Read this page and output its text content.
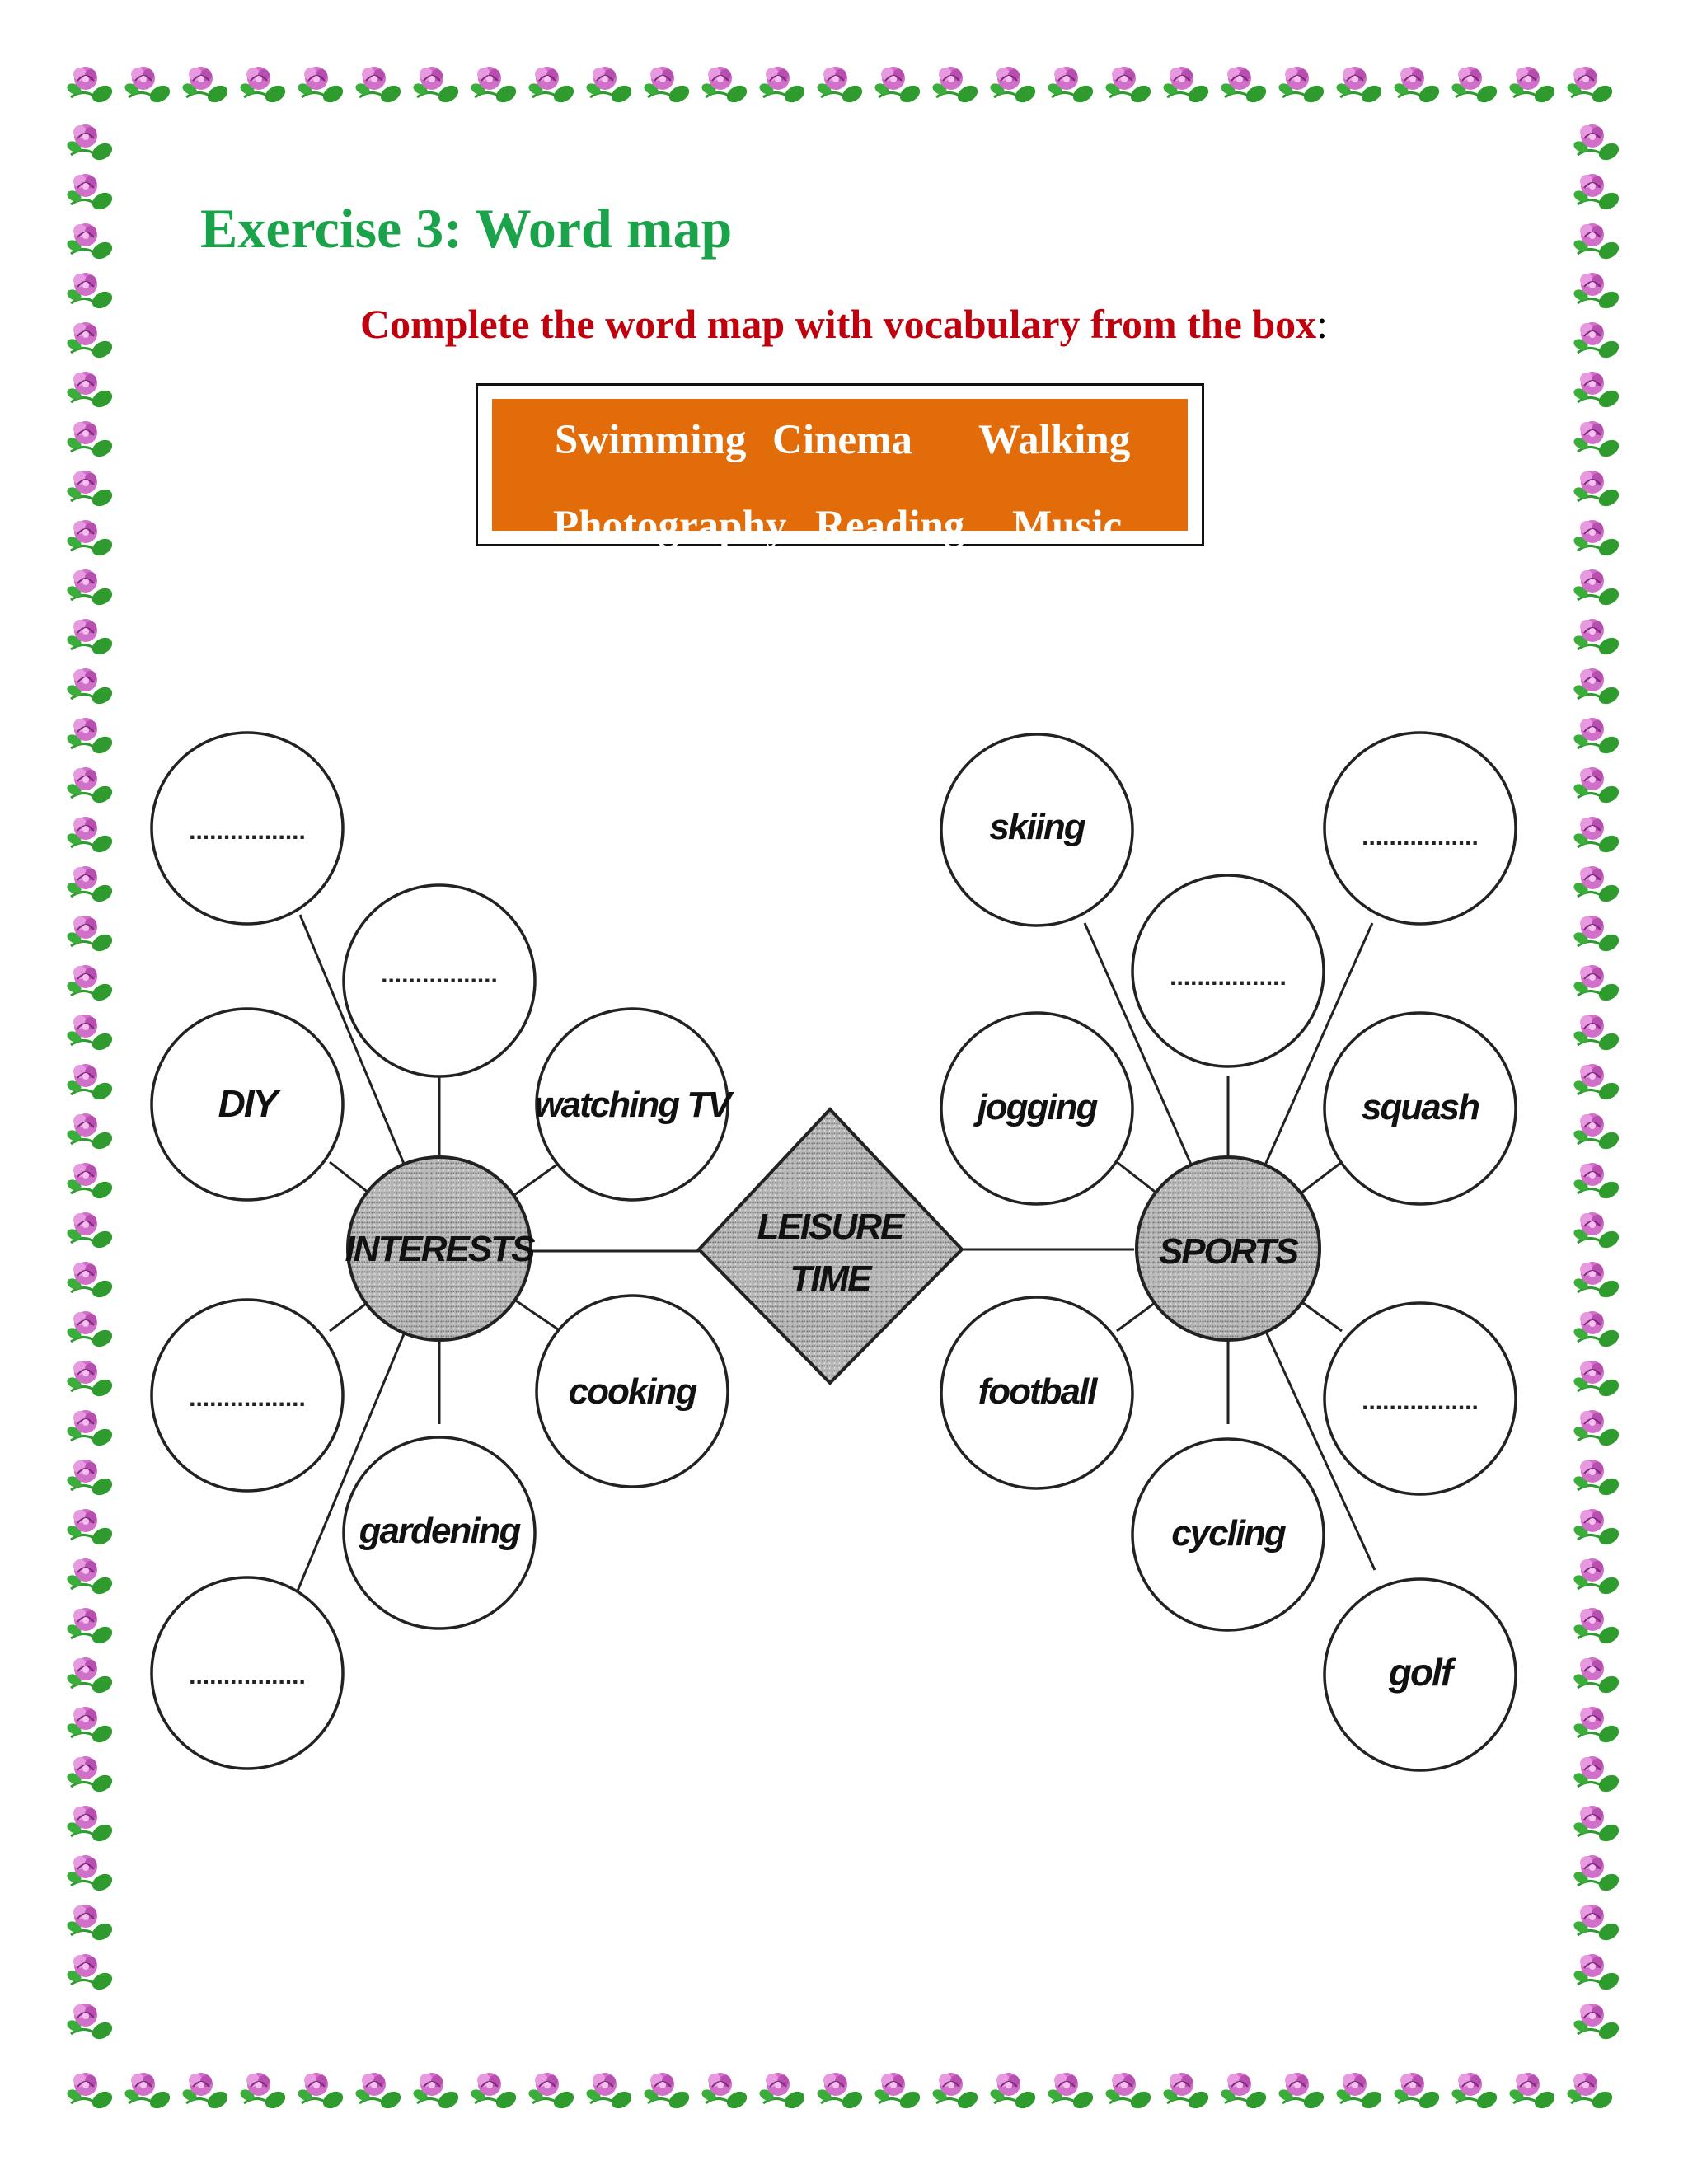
Exercise 3: Word map

Complete the word map with vocabulary from the box:

Swimming Cinema Walking
Photography Reading Music
LEISURE
TIME
INTERESTS	SPORTS
DIY	watching TV
cooking
gardening
skiing
jogging	squash
football
cycling
golf
.................
.................
.................
.................
.................
.................
.................
